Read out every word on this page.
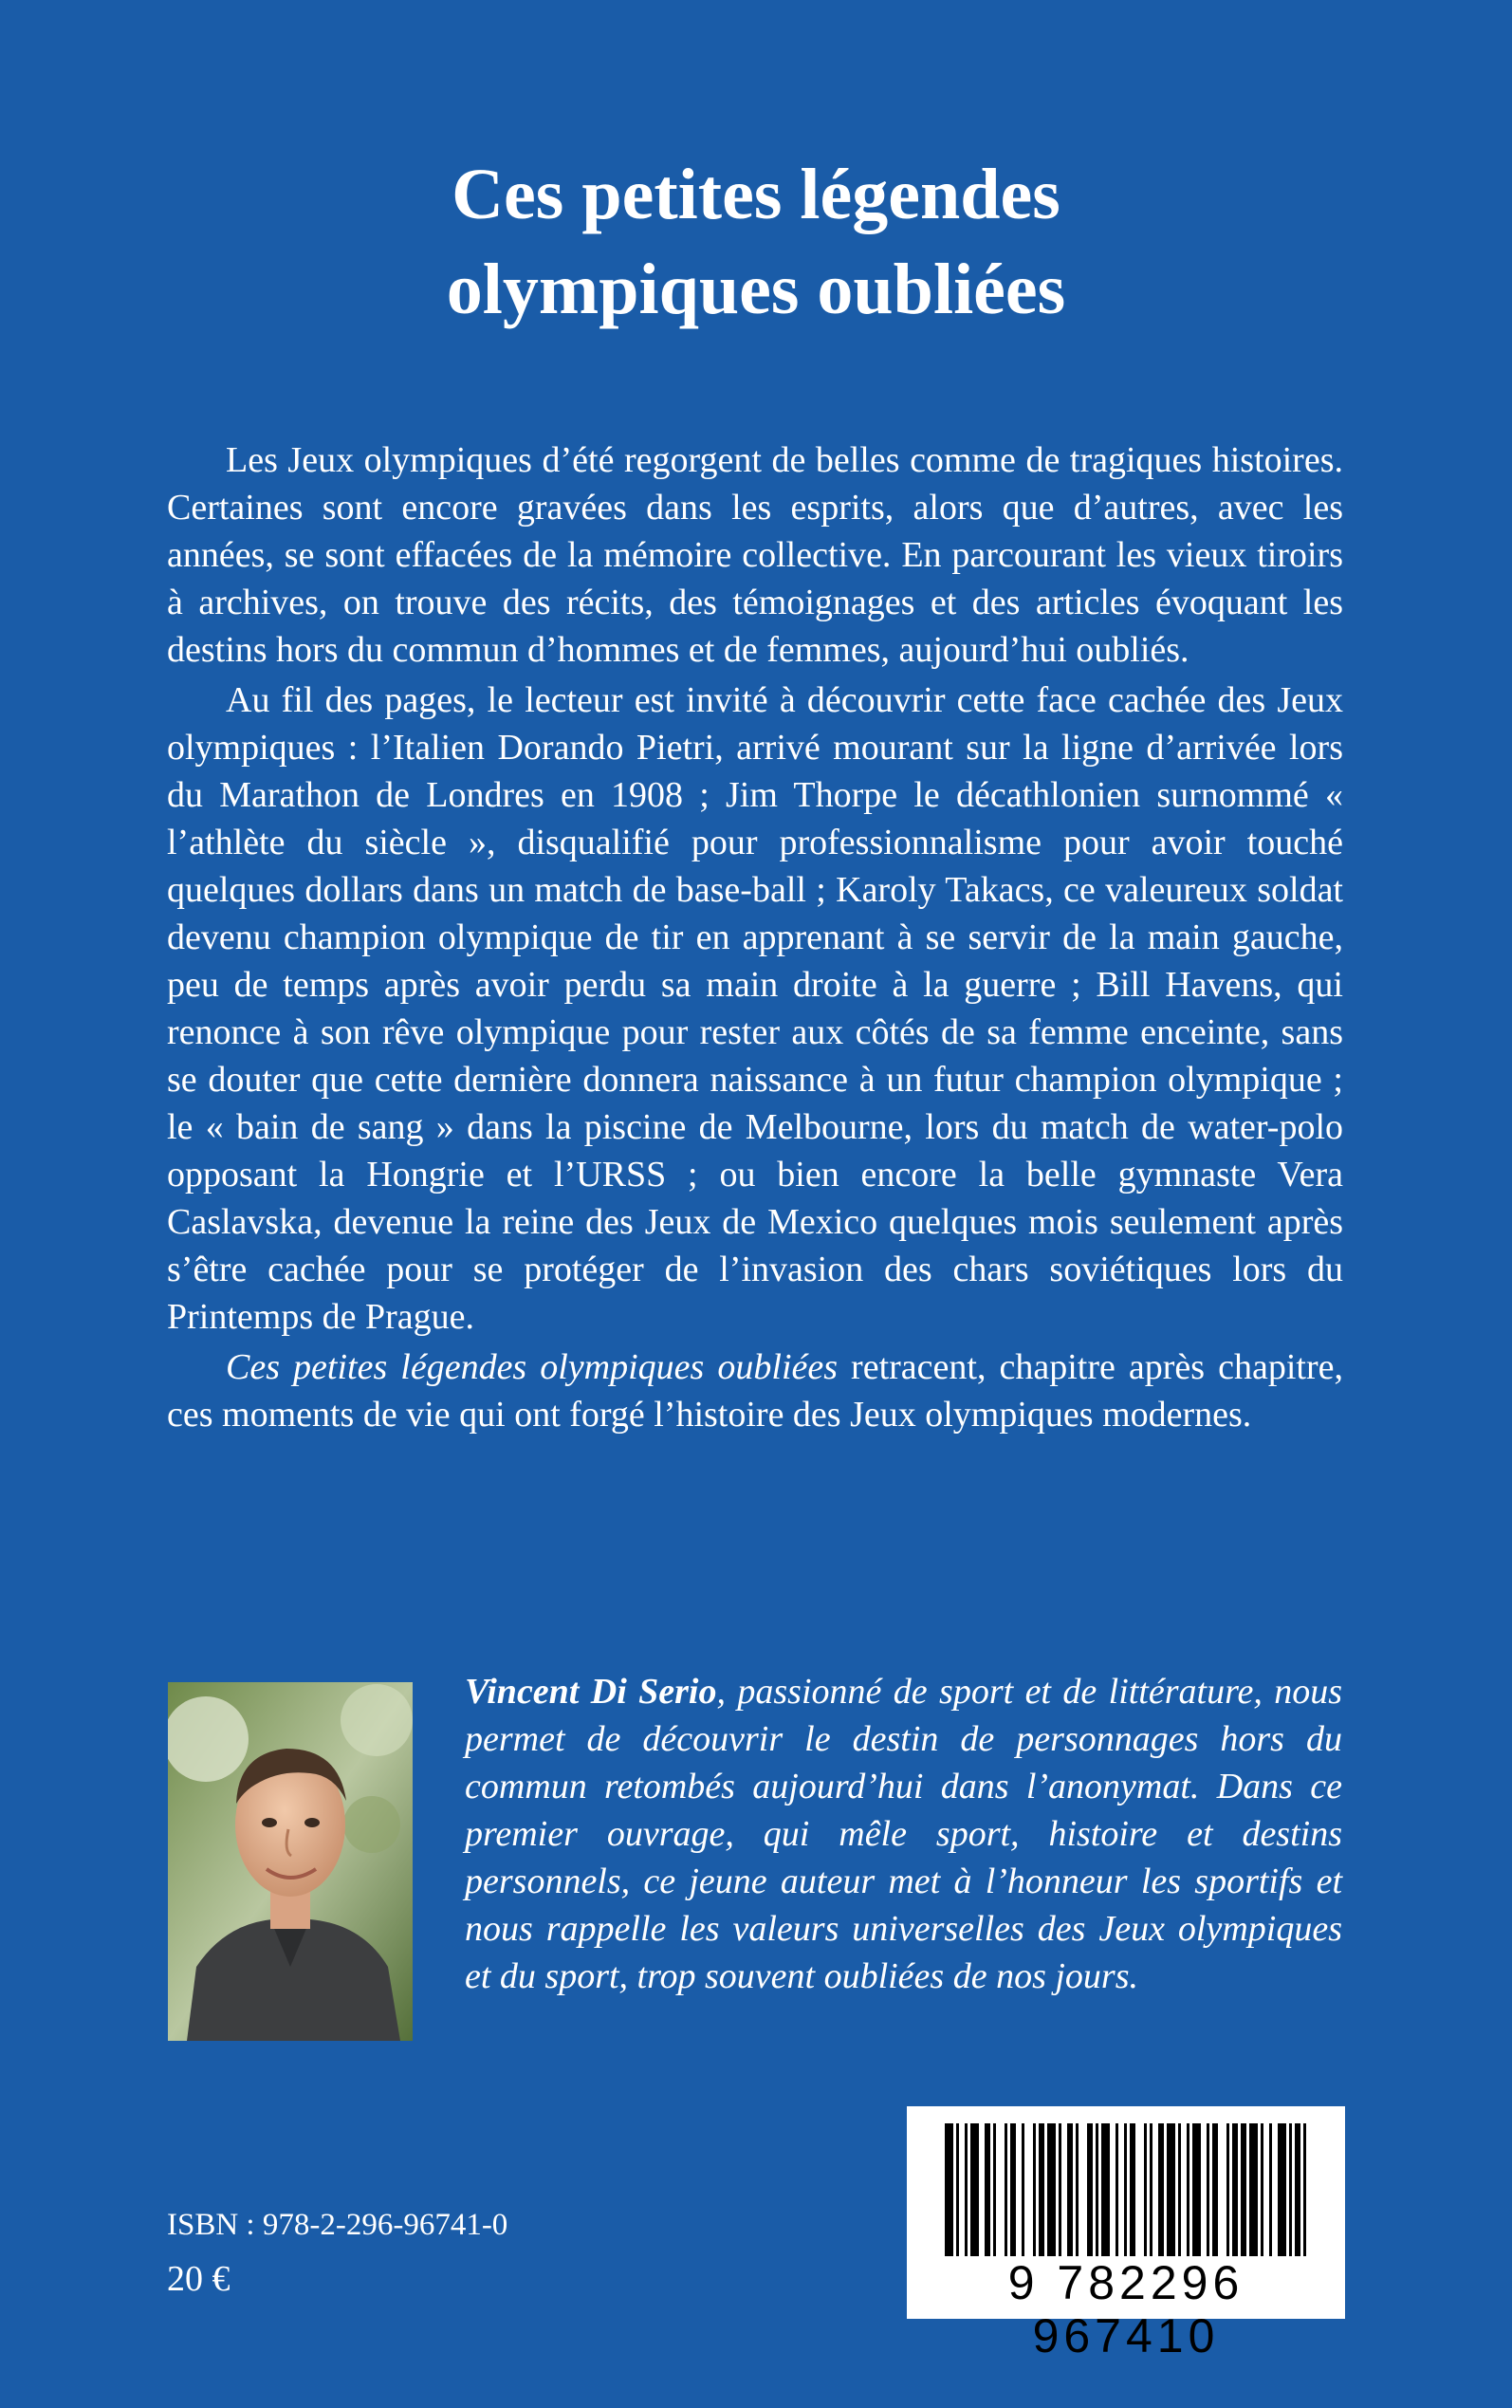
Ces petites légendes
olympiques oubliées

Les Jeux olympiques d’été regorgent de belles comme de tragiques histoires. Certaines sont encore gravées dans les esprits, alors que d’autres, avec les années, se sont effacées de la mémoire collective. En parcourant les vieux tiroirs à archives, on trouve des récits, des témoignages et des articles évoquant les destins hors du commun d’hommes et de femmes, aujourd’hui oubliés.

Au fil des pages, le lecteur est invité à découvrir cette face cachée des Jeux olympiques : l’Italien Dorando Pietri, arrivé mourant sur la ligne d’arrivée lors du Marathon de Londres en 1908 ; Jim Thorpe le décathlonien surnommé « l’athlète du siècle », disqualifié pour professionnalisme pour avoir touché quelques dollars dans un match de base-ball ; Karoly Takacs, ce valeureux soldat devenu champion olympique de tir en apprenant à se servir de la main gauche, peu de temps après avoir perdu sa main droite à la guerre ; Bill Havens, qui renonce à son rêve olympique pour rester aux côtés de sa femme enceinte, sans se douter que cette dernière donnera naissance à un futur champion olympique ; le « bain de sang » dans la piscine de Melbourne, lors du match de water-polo opposant la Hongrie et l’URSS ; ou bien encore la belle gymnaste Vera Caslavska, devenue la reine des Jeux de Mexico quelques mois seulement après s’être cachée pour se protéger de l’invasion des chars soviétiques lors du Printemps de Prague.

Ces petites légendes olympiques oubliées retracent, chapitre après chapitre, ces moments de vie qui ont forgé l’histoire des Jeux olympiques modernes.

Vincent Di Serio, passionné de sport et de littérature, nous permet de découvrir le destin de personnages hors du commun retombés aujourd’hui dans l’anonymat. Dans ce premier ouvrage, qui mêle sport, histoire et destins personnels, ce jeune auteur met à l’honneur les sportifs et nous rappelle les valeurs universelles des Jeux olympiques et du sport, trop souvent oubliées de nos jours.

ISBN : 978-2-296-96741-0
20 €	9 782296 967410
